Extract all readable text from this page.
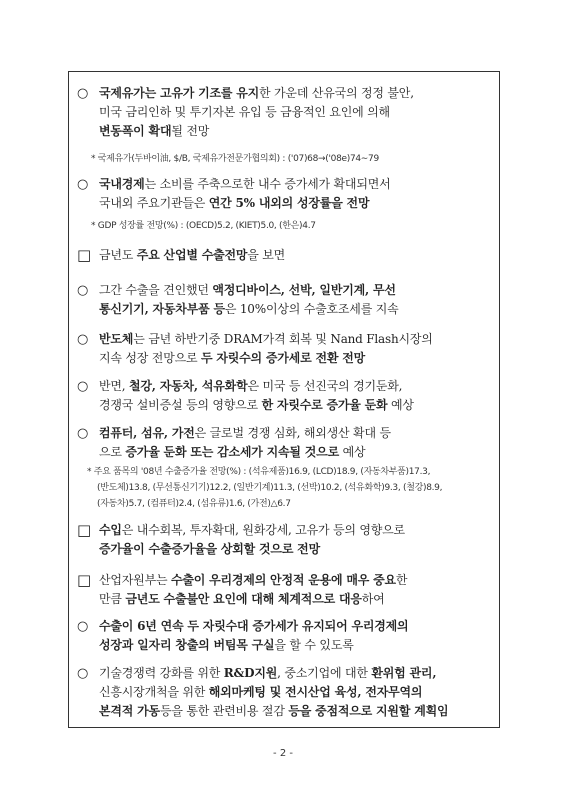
○ 국제유가는 고유가 기조를 유지한 가운데 산유국의 정정 불안,
미국 금리인하 및 투기자본 유입 등 금융적인 요인에 의해
변동폭이 확대될 전망
* 국제유가(두바이油, $/B, 국제유가전문가협의회) : ('07)68→('08e)74∼79
○ 국내경제는 소비를 주축으로한 내수 증가세가 확대되면서
국내외 주요기관들은 연간 5% 내외의 성장률을 전망
* GDP 성장률 전망(%) : (OECD)5.2, (KIET)5.0, (한은)4.7
□ 금년도 주요 산업별 수출전망을 보면
○ 그간 수출을 견인했던 액정디바이스, 선박, 일반기계, 무선
통신기기, 자동차부품 등은 10%이상의 수출호조세를 지속
○ 반도체는 금년 하반기중 DRAM가격 회복 및 Nand Flash시장의
지속 성장 전망으로 두 자릿수의 증가세로 전환 전망
○ 반면, 철강, 자동차, 석유화학은 미국 등 선진국의 경기둔화,
경쟁국 설비증설 등의 영향으로 한 자릿수로 증가율 둔화 예상
○ 컴퓨터, 섬유, 가전은 글로벌 경쟁 심화, 해외생산 확대 등
으로 증가율 둔화 또는 감소세가 지속될 것으로 예상
* 주요 품목의 '08년 수출증가율 전망(%) : (석유제품)16.9, (LCD)18.9, (자동차부품)17.3,
(반도체)13.8, (무선통신기기)12.2, (일반기계)11.3, (선박)10.2, (석유화학)9.3, (철강)8.9,
(자동차)5.7, (컴퓨터)2.4, (섬유류)1.6, (가전)△6.7
□ 수입은 내수회복, 투자확대, 원화강세, 고유가 등의 영향으로
증가율이 수출증가율을 상회할 것으로 전망
□ 산업자원부는 수출이 우리경제의 안정적 운용에 매우 중요한
만큼 금년도 수출불안 요인에 대해 체계적으로 대응하여
○ 수출이 6년 연속 두 자릿수대 증가세가 유지되어 우리경제의
성장과 일자리 창출의 버팀목 구실을 할 수 있도록
○ 기술경쟁력 강화를 위한 R&D지원, 중소기업에 대한 환위험 관리,
신흥시장개척을 위한 해외마케팅 및 전시산업 육성, 전자무역의
본격적 가동등을 통한 관련비용 절감 등을 중점적으로 지원할 계획임
- 2 -
